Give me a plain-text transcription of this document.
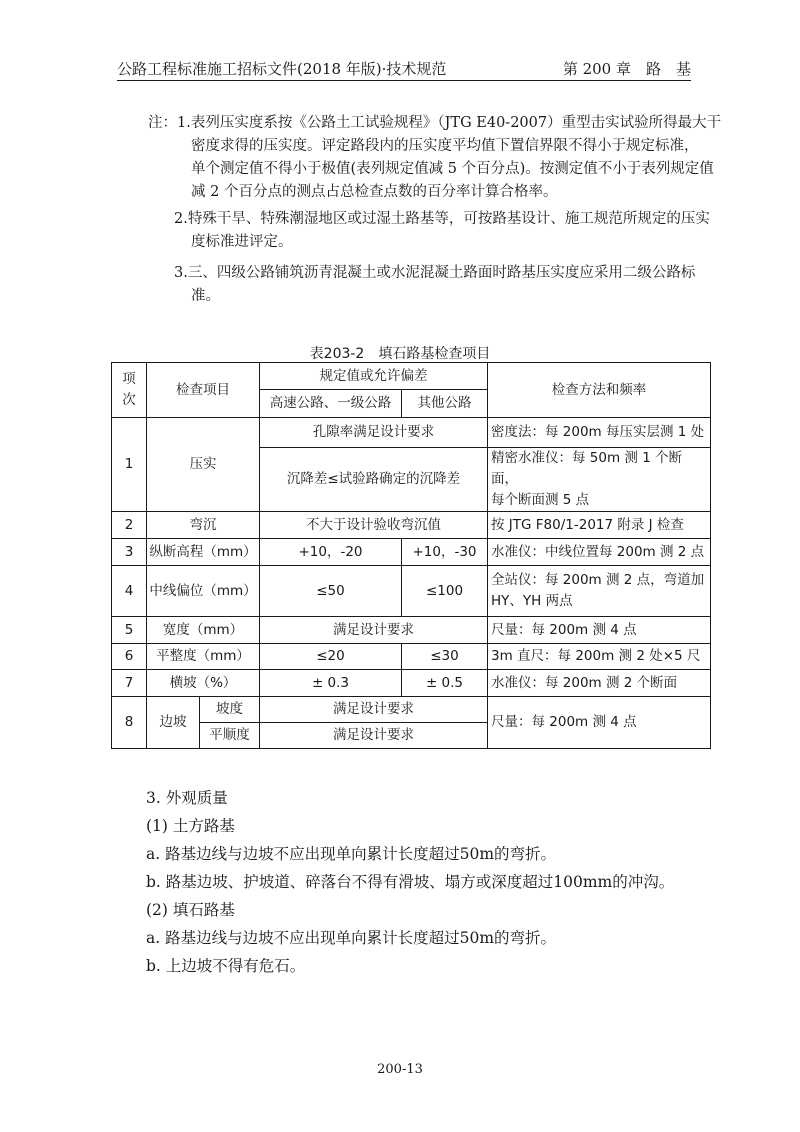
公路工程标准施工招标文件(2018 年版)·技术规范	第 200 章　路　基
注：1.表列压实度系按《公路土工试验规程》（JTG E40-2007）重型击实试验所得最大干
密度求得的压实度。评定路段内的压实度平均值下置信界限不得小于规定标准，
单个测定值不得小于极值(表列规定值减 5 个百分点)。按测定值不小于表列规定值
减 2 个百分点的测点占总检查点数的百分率计算合格率。
2.特殊干旱、特殊潮湿地区或过湿土路基等，可按路基设计、施工规范所规定的压实
度标准进评定。
3.三、四级公路铺筑沥青混凝土或水泥混凝土路面时路基压实度应采用二级公路标
准。
表203-2　填石路基检查项目
项
次	检查项目		规定值或允许偏差		检查方法和频率
			高速公路、一级公路	其他公路	
1	压实		孔隙率满足设计要求		密度法：每 200m 每压实层测 1 处
			沉降差≤试验路确定的沉降差		精密水准仪：每 50m 测 1 个断面，
每个断面测 5 点
2	弯沉		不大于设计验收弯沉值		按 JTG F80/1-2017 附录 J 检查
3	纵断高程（mm）		+10，-20	+10，-30	水准仪：中线位置每 200m 测 2 点
4	中线偏位（mm）		≤50	≤100	全站仪：每 200m 测 2 点，弯道加
HY、YH 两点
5	宽度（mm）		满足设计要求		尺量：每 200m 测 4 点
6	平整度（mm）		≤20	≤30	3m 直尺：每 200m 测 2 处×5 尺
7	横坡（%）		± 0.3	± 0.5	水准仪：每 200m 测 2 个断面
8	边坡	坡度	满足设计要求		尺量：每 200m 测 4 点
		平顺度	满足设计要求		
3. 外观质量
(1) 土方路基
a. 路基边线与边坡不应出现单向累计长度超过50m的弯折。
b. 路基边坡、护坡道、碎落台不得有滑坡、塌方或深度超过100mm的冲沟。
(2) 填石路基
a. 路基边线与边坡不应出现单向累计长度超过50m的弯折。
b. 上边坡不得有危石。
200-13
